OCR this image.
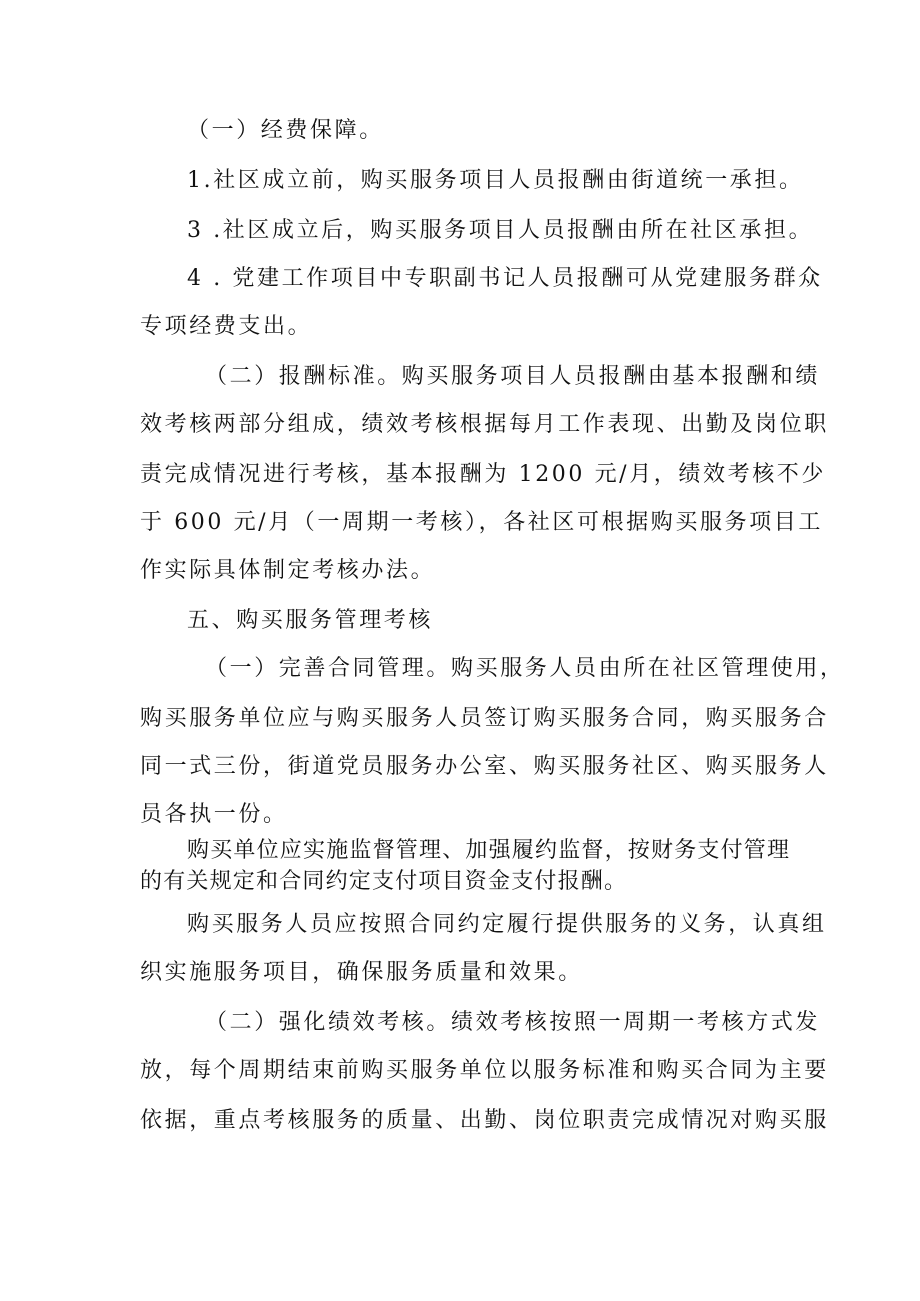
（一）经费保障。
1.社区成立前，购买服务项目人员报酬由街道统一承担。
3 .社区成立后，购买服务项目人员报酬由所在社区承担。
4 . 党建工作项目中专职副书记人员报酬可从党建服务群众
专项经费支出。
（二）报酬标准。购买服务项目人员报酬由基本报酬和绩
效考核两部分组成，绩效考核根据每月工作表现、出勤及岗位职
责完成情况进行考核，基本报酬为 1200 元/月，绩效考核不少
于 600 元/月（一周期一考核），各社区可根据购买服务项目工
作实际具体制定考核办法。
五、购买服务管理考核
（一）完善合同管理。购买服务人员由所在社区管理使用，
购买服务单位应与购买服务人员签订购买服务合同，购买服务合
同一式三份，街道党员服务办公室、购买服务社区、购买服务人
员各执一份。
购买单位应实施监督管理、加强履约监督，按财务支付管理
的有关规定和合同约定支付项目资金支付报酬。
购买服务人员应按照合同约定履行提供服务的义务，认真组
织实施服务项目，确保服务质量和效果。
（二）强化绩效考核。绩效考核按照一周期一考核方式发
放，每个周期结束前购买服务单位以服务标准和购买合同为主要
依据，重点考核服务的质量、出勤、岗位职责完成情况对购买服
